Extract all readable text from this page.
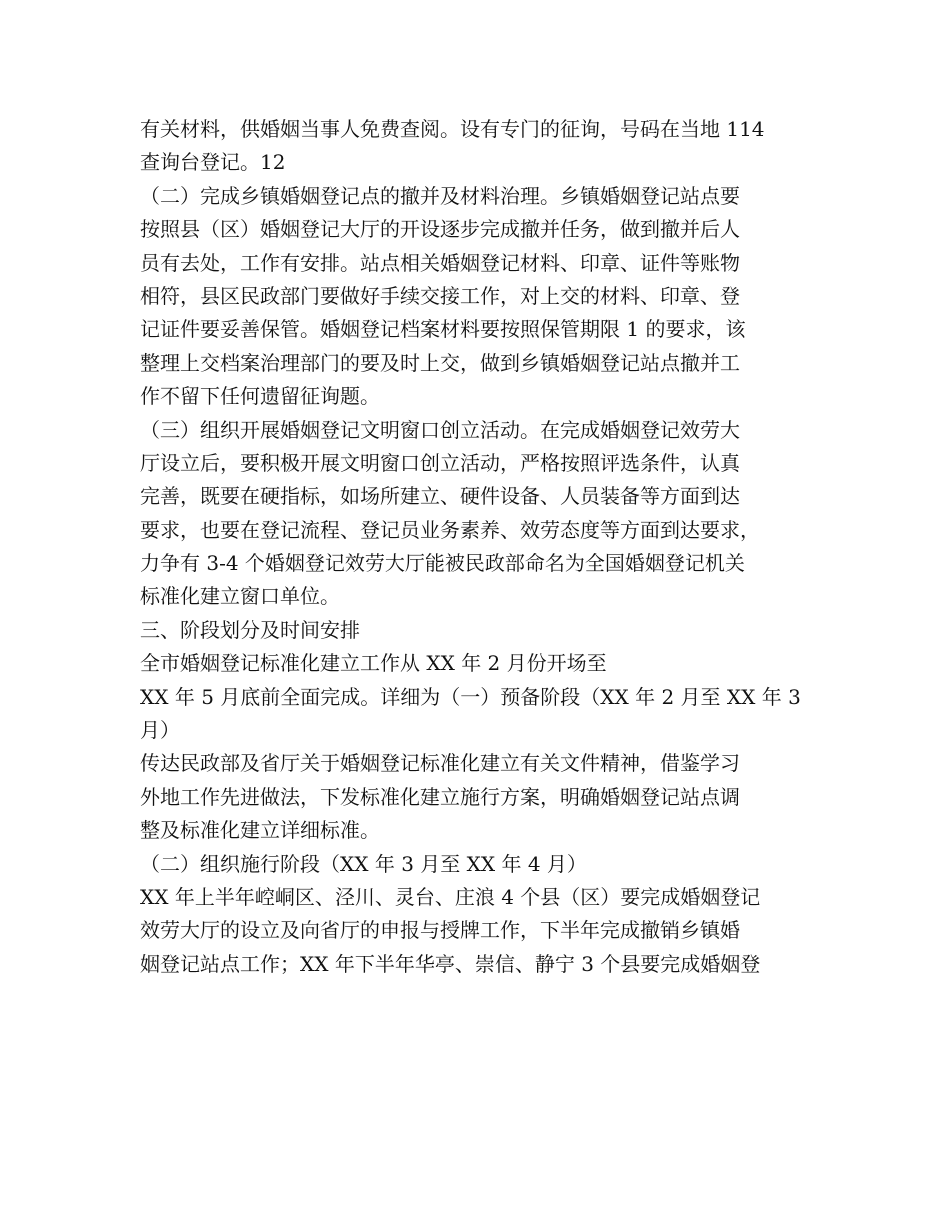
有关材料，供婚姻当事人免费查阅。设有专门的征询，号码在当地 114
查询台登记。12
（二）完成乡镇婚姻登记点的撤并及材料治理。乡镇婚姻登记站点要
按照县（区）婚姻登记大厅的开设逐步完成撤并任务，做到撤并后人
员有去处，工作有安排。站点相关婚姻登记材料、印章、证件等账物
相符，县区民政部门要做好手续交接工作，对上交的材料、印章、登
记证件要妥善保管。婚姻登记档案材料要按照保管期限 1 的要求，该
整理上交档案治理部门的要及时上交，做到乡镇婚姻登记站点撤并工
作不留下任何遗留征询题。
（三）组织开展婚姻登记文明窗口创立活动。在完成婚姻登记效劳大
厅设立后，要积极开展文明窗口创立活动，严格按照评选条件，认真
完善，既要在硬指标，如场所建立、硬件设备、人员装备等方面到达
要求，也要在登记流程、登记员业务素养、效劳态度等方面到达要求，
力争有 3-4 个婚姻登记效劳大厅能被民政部命名为全国婚姻登记机关
标准化建立窗口单位。
三、阶段划分及时间安排
全市婚姻登记标准化建立工作从 XX 年 2 月份开场至
XX 年 5 月底前全面完成。详细为（一）预备阶段（XX 年 2 月至 XX 年 3
月）
传达民政部及省厅关于婚姻登记标准化建立有关文件精神，借鉴学习
外地工作先进做法，下发标准化建立施行方案，明确婚姻登记站点调
整及标准化建立详细标准。
（二）组织施行阶段（XX 年 3 月至 XX 年 4 月）
XX 年上半年崆峒区、泾川、灵台、庄浪 4 个县（区）要完成婚姻登记
效劳大厅的设立及向省厅的申报与授牌工作，下半年完成撤销乡镇婚
姻登记站点工作；XX 年下半年华亭、崇信、静宁 3 个县要完成婚姻登
